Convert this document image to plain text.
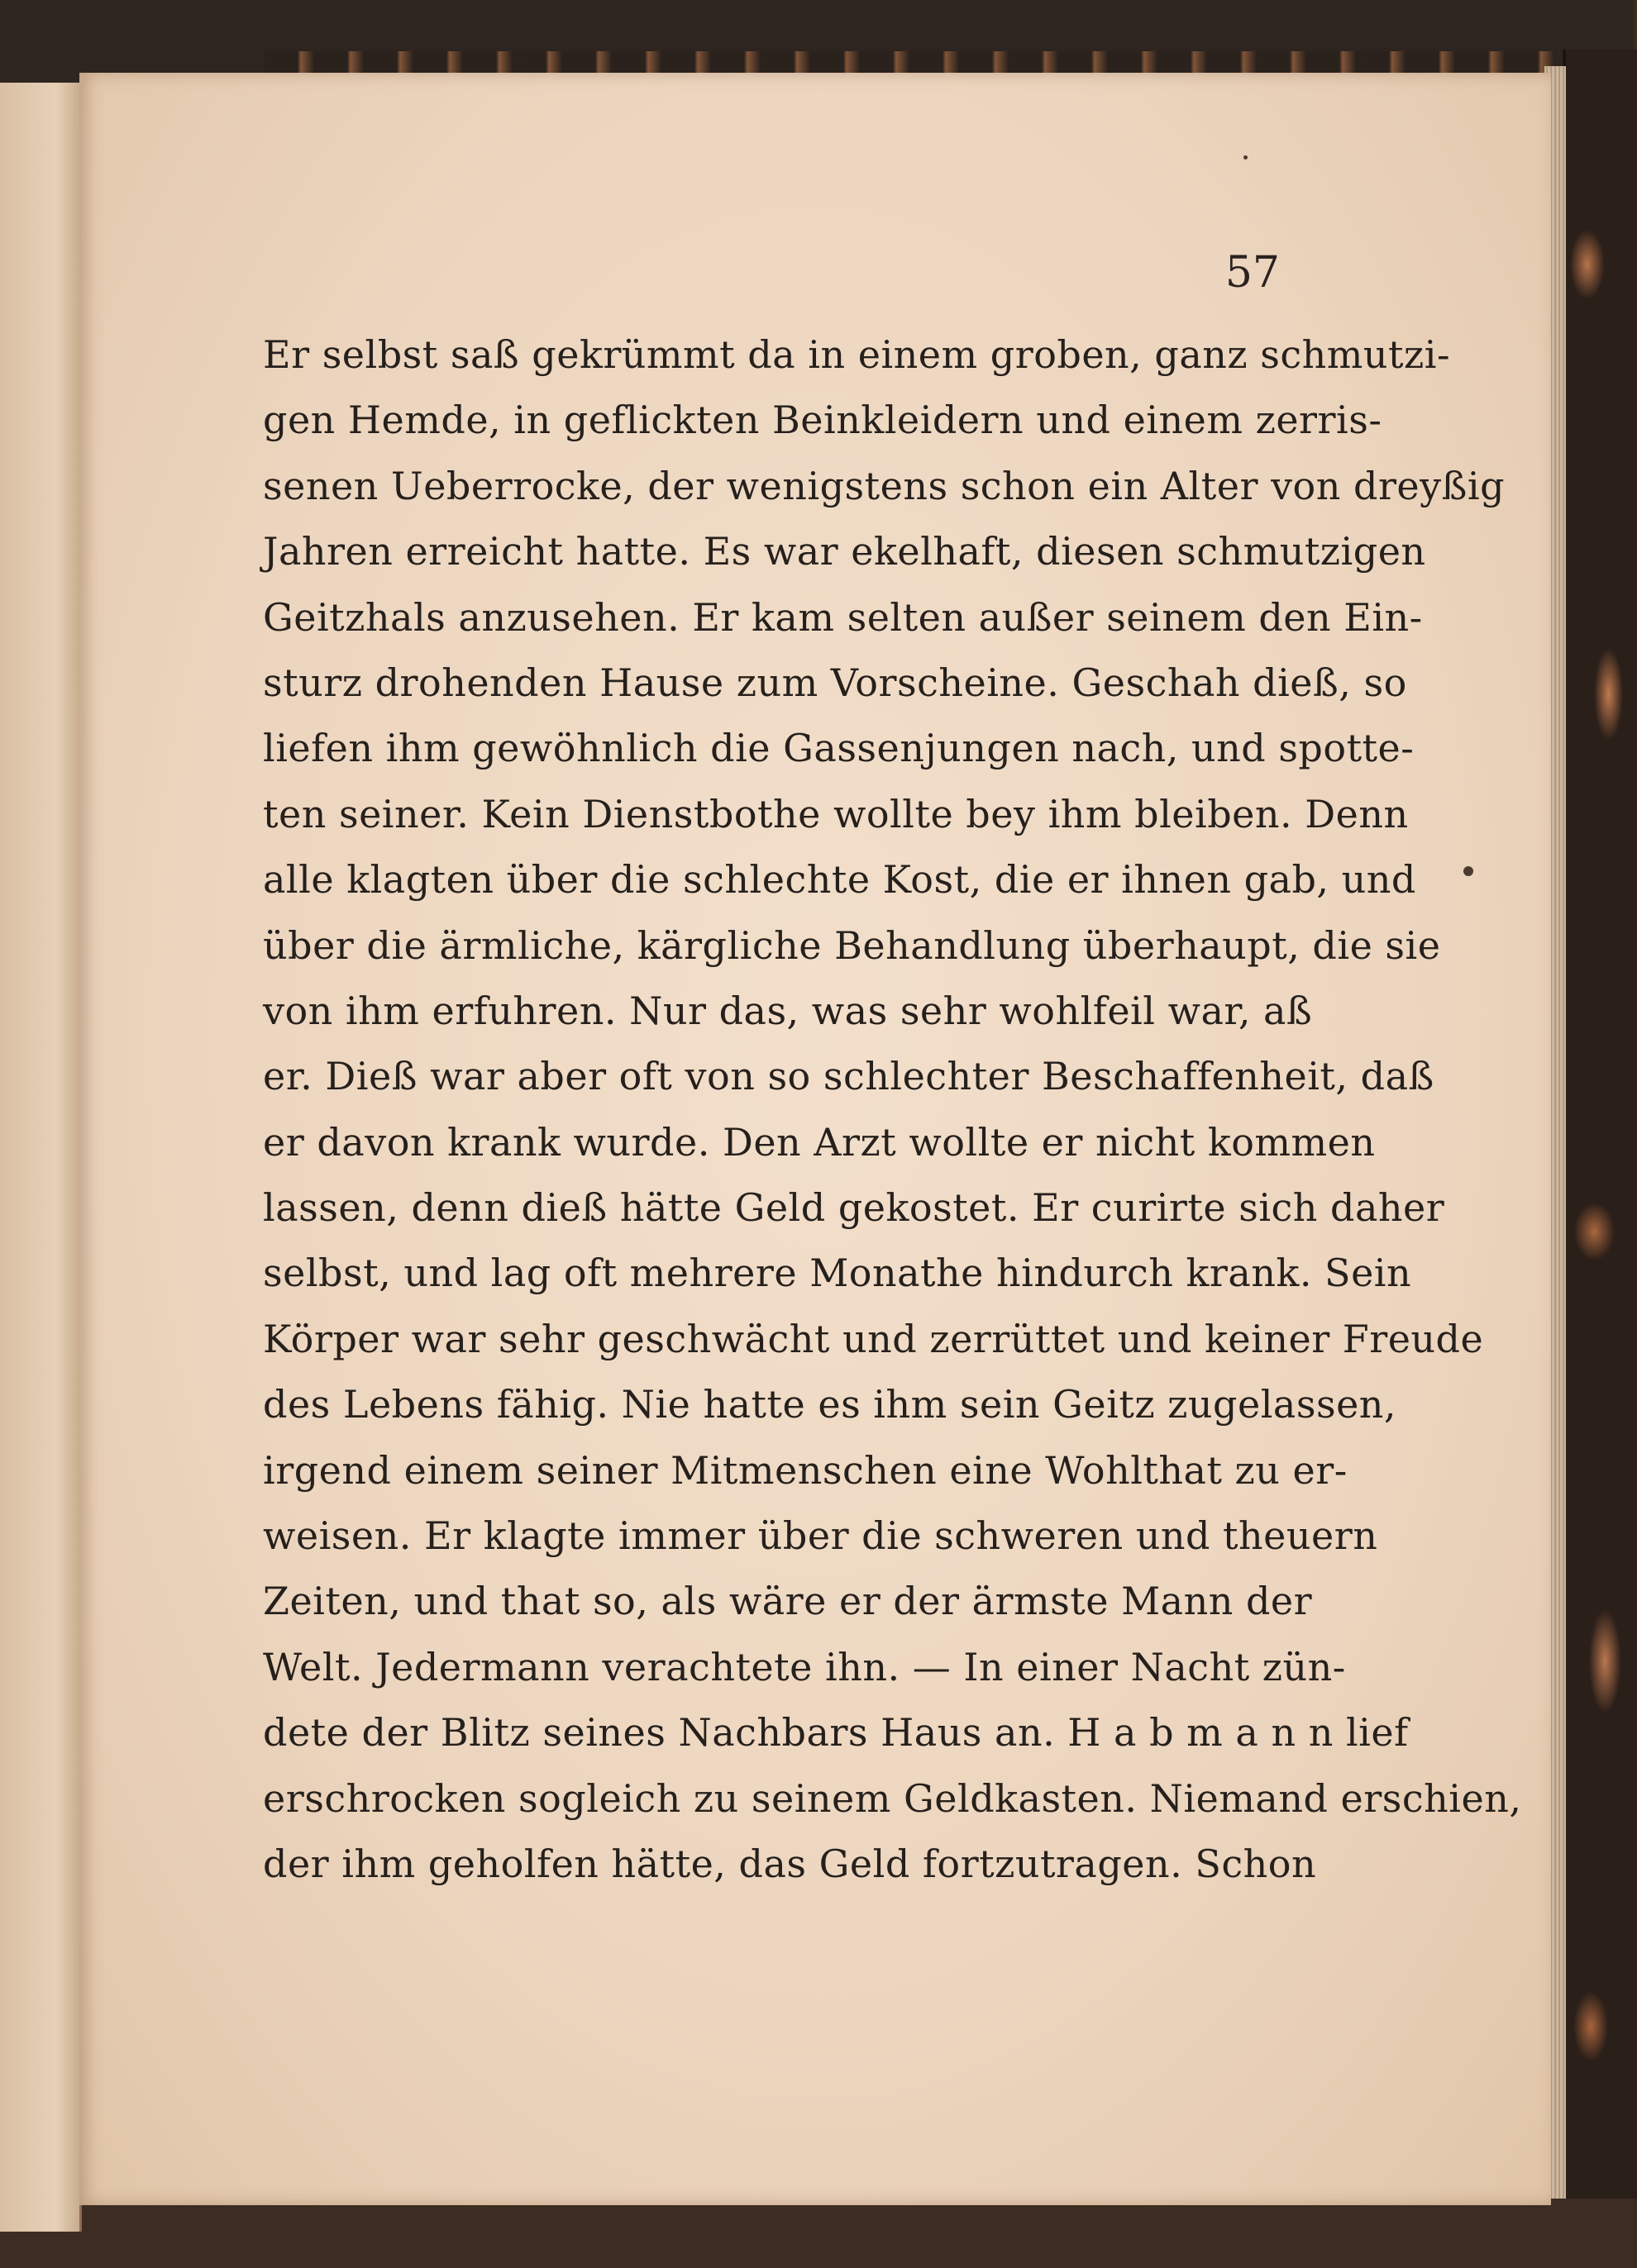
57
Er selbst saß gekrümmt da in einem groben, ganz schmutzi-
gen Hemde, in geflickten Beinkleidern und einem zerris-
senen Ueberrocke, der wenigstens schon ein Alter von dreyßig
Jahren erreicht hatte. Es war ekelhaft, diesen schmutzigen
Geitzhals anzusehen. Er kam selten außer seinem den Ein-
sturz drohenden Hause zum Vorscheine. Geschah dieß, so
liefen ihm gewöhnlich die Gassenjungen nach, und spotte-
ten seiner. Kein Dienstbothe wollte bey ihm bleiben. Denn
alle klagten über die schlechte Kost, die er ihnen gab, und
über die ärmliche, kärgliche Behandlung überhaupt, die sie
von ihm erfuhren. Nur das, was sehr wohlfeil war, aß
er. Dieß war aber oft von so schlechter Beschaffenheit, daß
er davon krank wurde. Den Arzt wollte er nicht kommen
lassen, denn dieß hätte Geld gekostet. Er curirte sich daher
selbst, und lag oft mehrere Monathe hindurch krank. Sein
Körper war sehr geschwächt und zerrüttet und keiner Freude
des Lebens fähig. Nie hatte es ihm sein Geitz zugelassen,
irgend einem seiner Mitmenschen eine Wohlthat zu er-
weisen. Er klagte immer über die schweren und theuern
Zeiten, und that so, als wäre er der ärmste Mann der
Welt. Jedermann verachtete ihn. — In einer Nacht zün-
dete der Blitz seines Nachbars Haus an. H a b m a n n lief
erschrocken sogleich zu seinem Geldkasten. Niemand erschien,
der ihm geholfen hätte, das Geld fortzutragen. Schon
